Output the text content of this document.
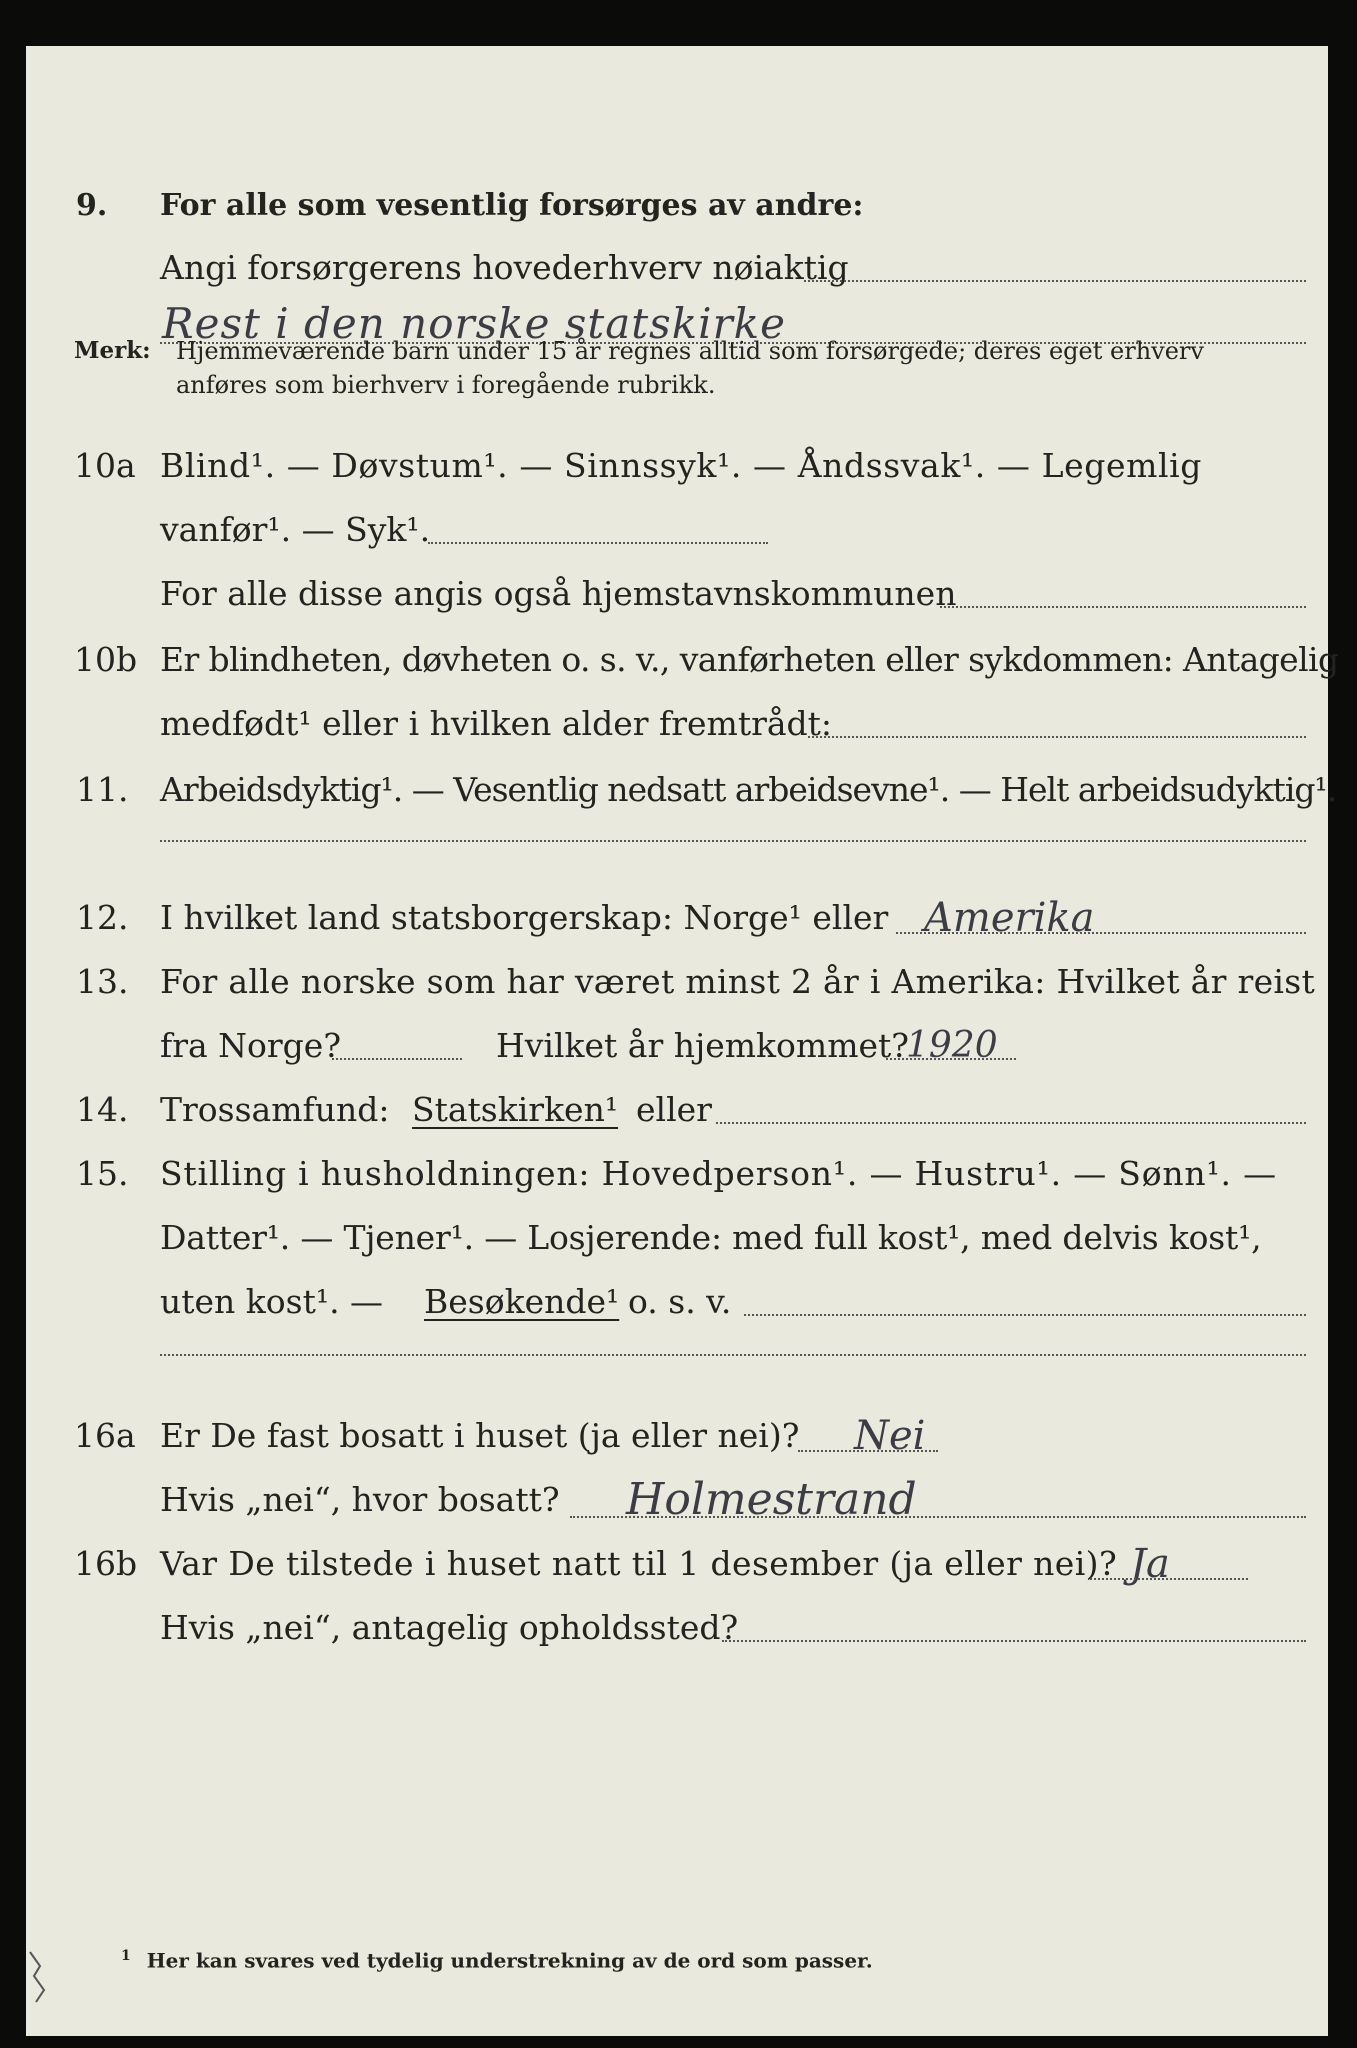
9. For alle som vesentlig forsørges av andre:
Angi forsørgerens hovederhverv nøiaktig
Rest i den norske statskirke
Merk: Hjemmeværende barn under 15 år regnes alltid som forsørgede; deres eget erhverv
anføres som bierhverv i foregående rubrikk.
10a Blind¹. — Døvstum¹. — Sinnssyk¹. — Åndssvak¹. — Legemlig
vanfør¹. — Syk¹.
For alle disse angis også hjemstavnskommunen
10b Er blindheten, døvheten o. s. v., vanførheten eller sykdommen: Antagelig
medfødt¹ eller i hvilken alder fremtrådt:
11. Arbeidsdyktig¹. — Vesentlig nedsatt arbeidsevne¹. — Helt arbeidsudyktig¹.
12. I hvilket land statsborgerskap: Norge¹ eller Amerika
13. For alle norske som har været minst 2 år i Amerika: Hvilket år reist
fra Norge?	Hvilket år hjemkommet?
1920
14. Trossamfund: Statskirken¹ eller
15. Stilling i husholdningen: Hovedperson¹. — Hustru¹. — Sønn¹. —
Datter¹. — Tjener¹. — Losjerende: med full kost¹, med delvis kost¹,
uten kost¹. — Besøkende¹ o. s. v.
16a Er De fast bosatt i huset (ja eller nei)? Nei
Hvis „nei“, hvor bosatt? Holmestrand
16b Var De tilstede i huset natt til 1 desember (ja eller nei)? Ja
Hvis „nei“, antagelig opholdssted?
$^1$ Her kan svares ved tydelig understrekning av de ord som passer.
